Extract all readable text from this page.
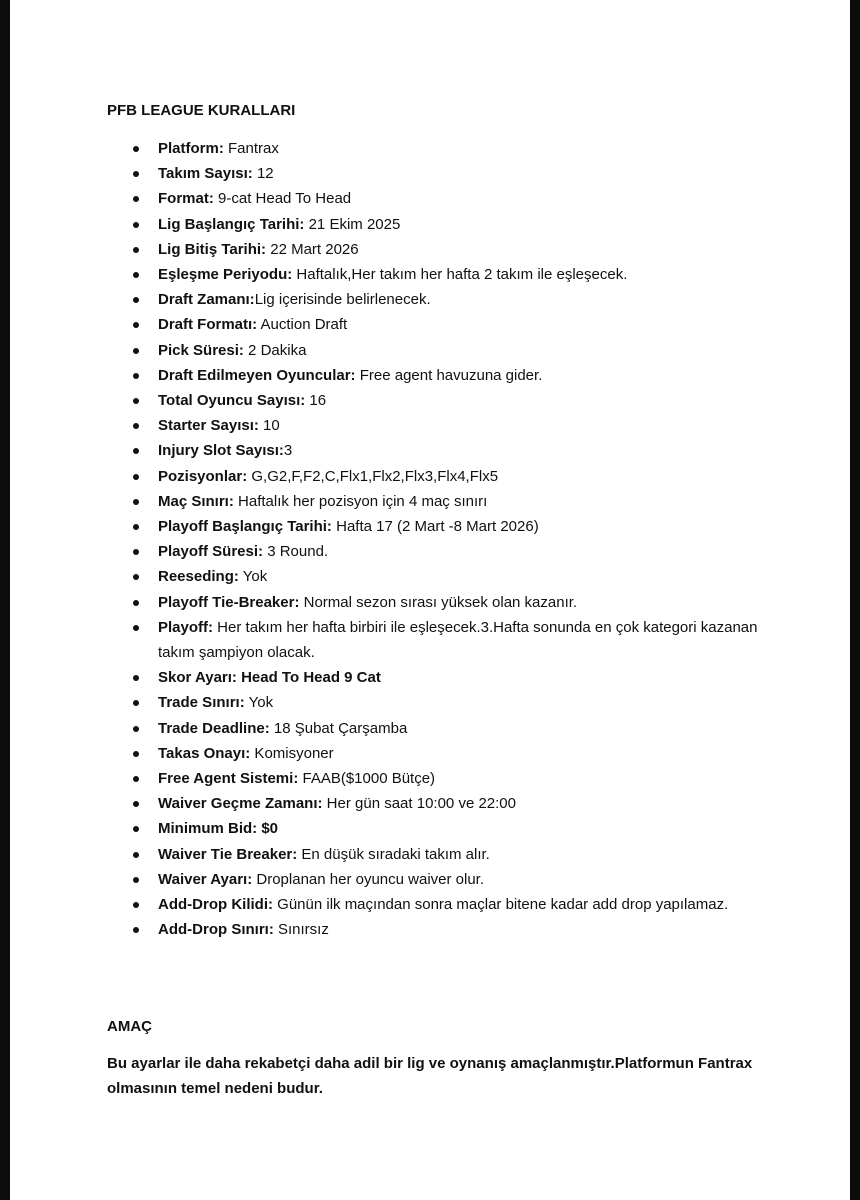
PFB LEAGUE KURALLARI
Platform: Fantrax
Takım Sayısı: 12
Format: 9-cat Head To Head
Lig Başlangıç Tarihi: 21 Ekim 2025
Lig Bitiş Tarihi: 22 Mart 2026
Eşleşme Periyodu: Haftalık,Her takım her hafta 2 takım ile eşleşecek.
Draft Zamanı:Lig içerisinde belirlenecek.
Draft Formatı: Auction Draft
Pick Süresi: 2 Dakika
Draft Edilmeyen Oyuncular: Free agent havuzuna gider.
Total Oyuncu Sayısı: 16
Starter Sayısı: 10
Injury Slot Sayısı:3
Pozisyonlar: G,G2,F,F2,C,Flx1,Flx2,Flx3,Flx4,Flx5
Maç Sınırı: Haftalık her pozisyon için 4 maç sınırı
Playoff Başlangıç Tarihi: Hafta 17 (2 Mart -8 Mart 2026)
Playoff Süresi: 3 Round.
Reeseding: Yok
Playoff Tie-Breaker: Normal sezon sırası yüksek olan kazanır.
Playoff: Her takım her hafta birbiri ile eşleşecek.3.Hafta sonunda en çok kategori kazanan takım şampiyon olacak.
Skor Ayarı: Head To Head 9 Cat
Trade Sınırı: Yok
Trade Deadline: 18 Şubat Çarşamba
Takas Onayı: Komisyoner
Free Agent Sistemi: FAAB($1000 Bütçe)
Waiver Geçme Zamanı: Her gün saat 10:00 ve 22:00
Minimum Bid: $0
Waiver Tie Breaker: En düşük sıradaki takım alır.
Waiver Ayarı: Droplanan her oyuncu waiver olur.
Add-Drop Kilidi: Günün ilk maçından sonra maçlar bitene kadar add drop yapılamaz.
Add-Drop Sınırı: Sınırsız
AMAÇ

Bu ayarlar ile daha rekabetçi daha adil bir lig ve oynanış amaçlanmıştır.Platformun Fantrax olmasının temel nedeni budur.
